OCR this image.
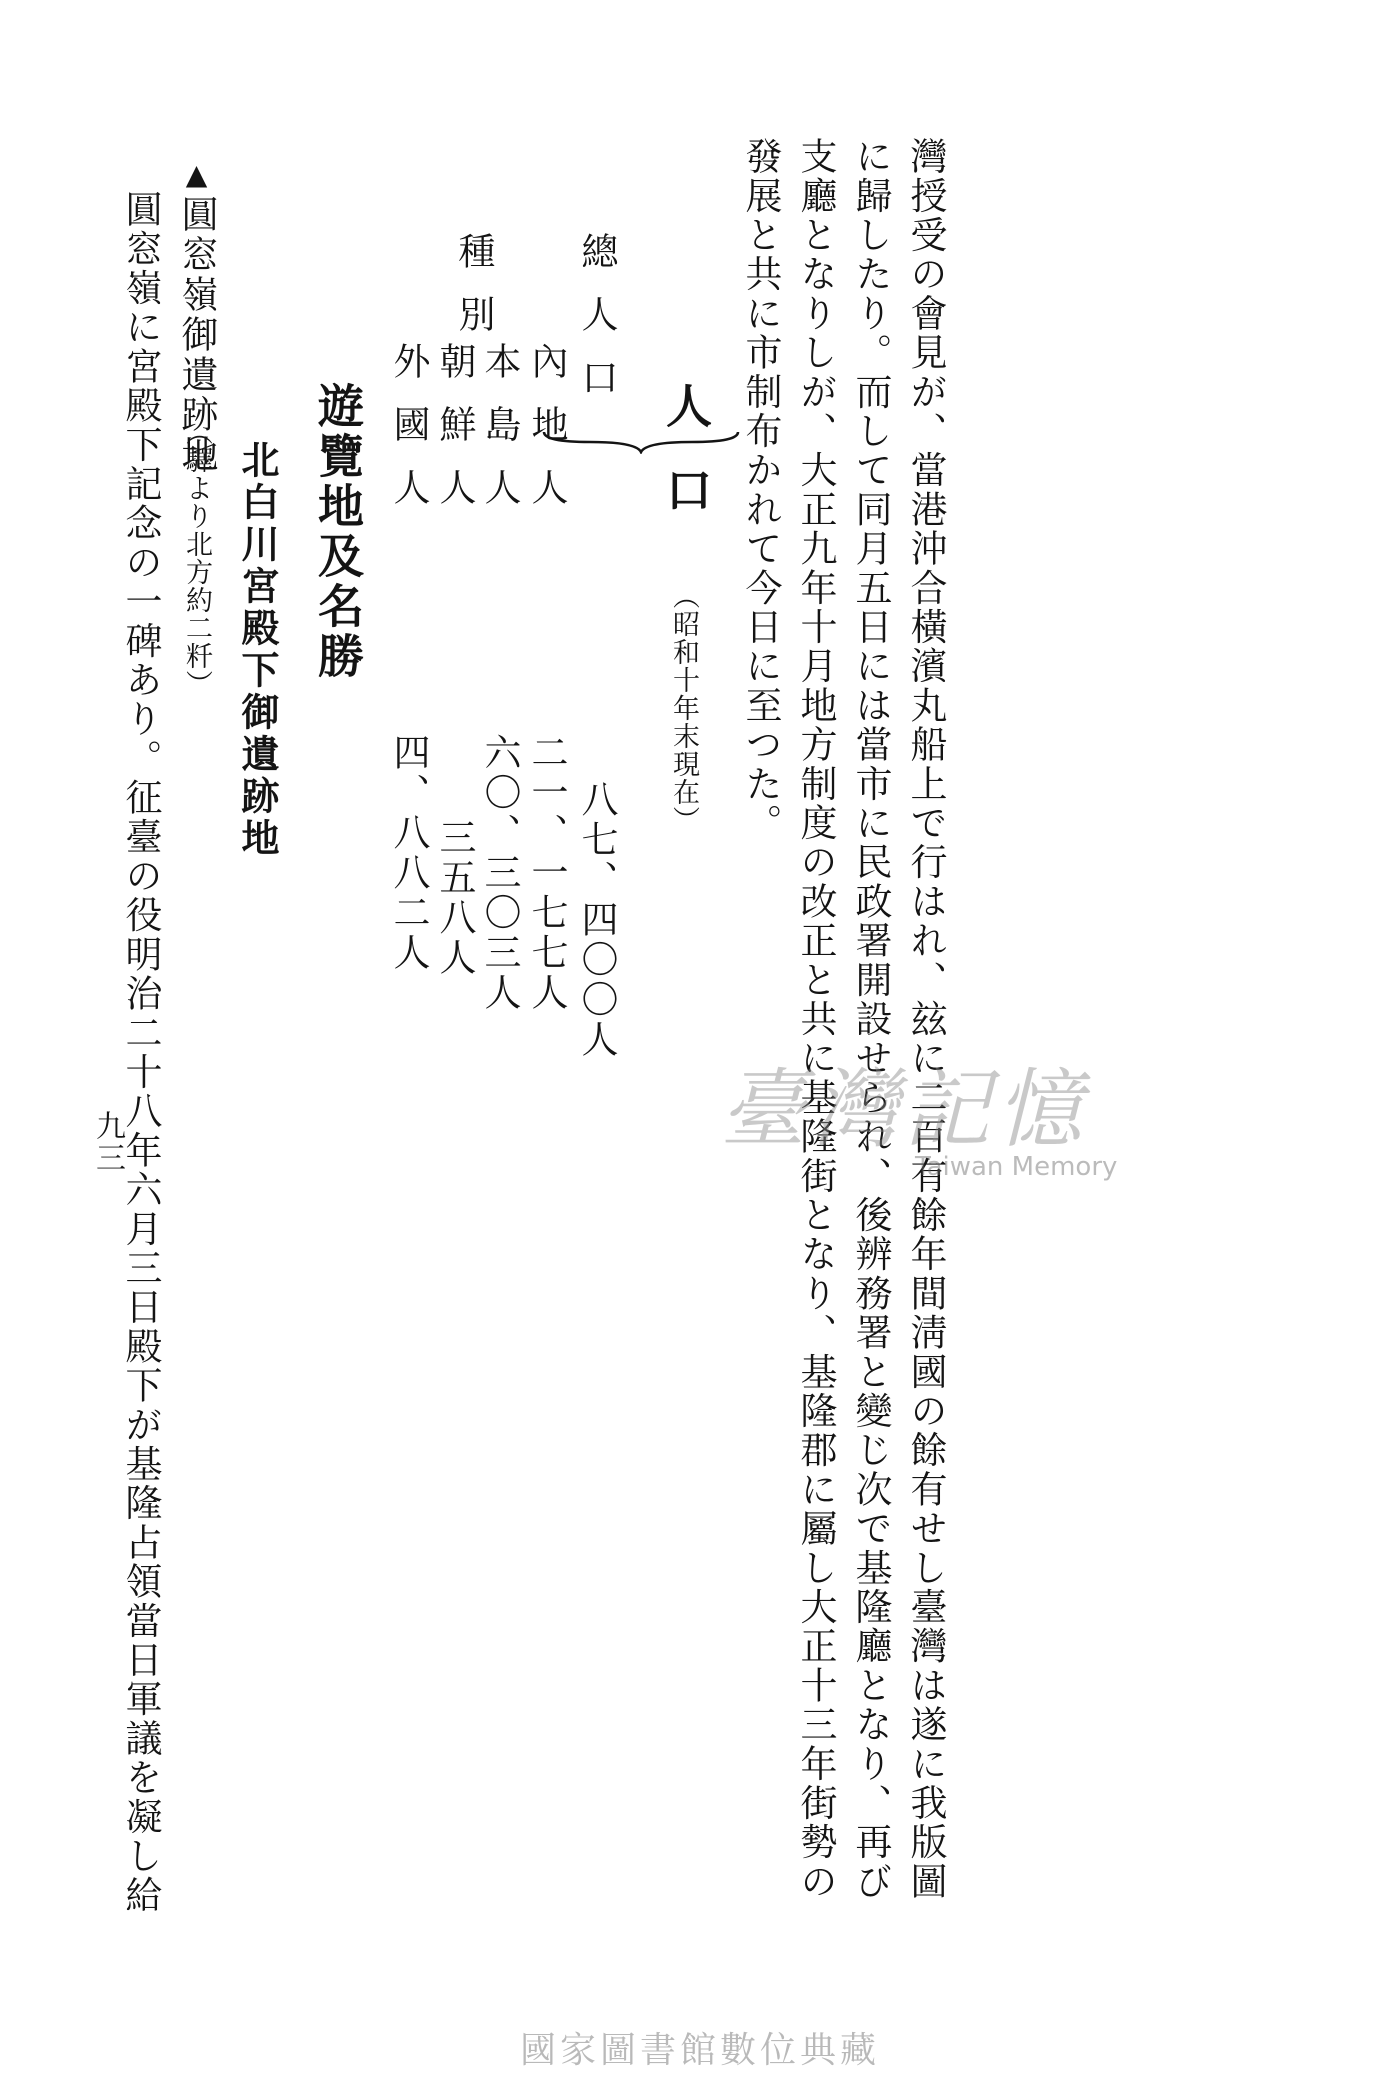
灣授受の會見が、當港沖合橫濱丸船上で行はれ、玆に二百有餘年間淸國の餘有せし臺灣は遂に我版圖
に歸したり。而して同月五日には當市に民政署開設せられ、後辨務署と變じ次で基隆廳となり、再び
支廳となりしが、大正九年十月地方制度の改正と共に基隆街となり、基隆郡に屬し大正十三年街勢の
發展と共に市制布かれて今日に至つた。
人口
（昭和十年末現在）
總人口
八七、四〇〇人
種別
內地人
二一、一七七人
本島人
六〇、三〇三人
朝鮮人
三五八人
外國人
四、八八二人
遊覽地及名勝
北白川宮殿下御遺跡地
▲
圓窓嶺御遺跡地
（驛より北方約二粁）
圓窓嶺に宮殿下記念の一碑あり。征臺の役明治二十八年六月三日殿下が基隆占領當日軍議を凝し給
九三	臺灣記憶
Taiwan Memory
國家圖書館數位典藏
